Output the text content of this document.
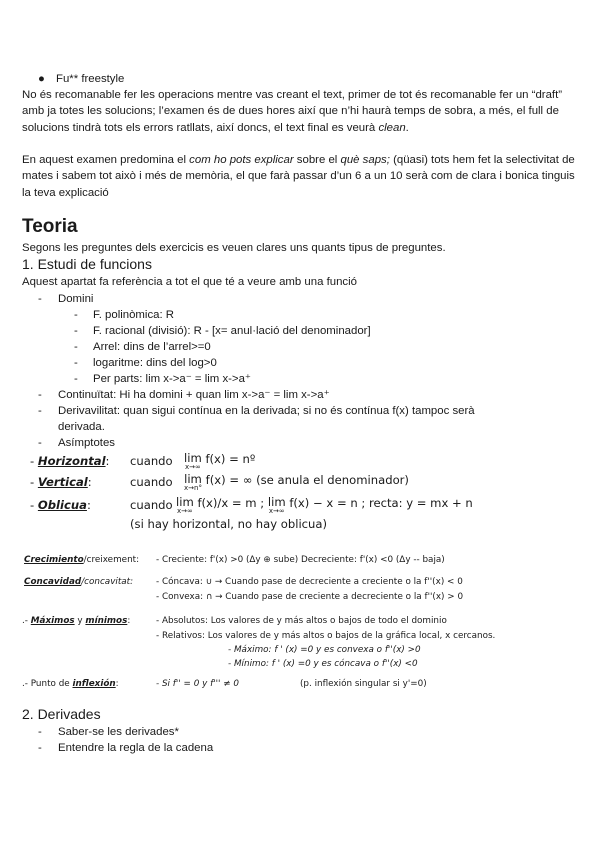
● Fu** freestyle
No és recomanable fer les operacions mentre vas creant el text, primer de tot és recomanable fer un “draft” amb ja totes les solucions; l’examen és de dues hores així que n’hi haurà temps de sobra, a més, el full de solucions tindrà tots els errors ratllats, així doncs, el text final es veurà clean.
En aquest examen predomina el com ho pots explicar sobre el què saps; (qüasi) tots hem fet la selectivitat de mates i sabem tot això i més de memòria, el que farà passar d’un 6 a un 10 serà com de clara i bonica tinguis la teva explicació
Teoria
Segons les preguntes dels exercicis es veuen clares uns quants tipus de preguntes.
1. Estudi de funcions
Aquest apartat fa referència a tot el que té a veure amb una funció
- Domini
- F. polinòmica: R
- F. racional (divisió): R - [x= anul·lació del denominador]
- Arrel: dins de l’arrel>=0
- logaritme: dins del log>0
- Per parts: lim x->a⁻ = lim x->a⁺
- Continuïtat: Hi ha domini + quan lim x->a⁻ = lim x->a⁺
- Derivavilitat: quan sigui contínua en la derivada; si no és contínua f(x) tampoc serà derivada.
- Asímptotes
- Horizontal: cuando lim
x→∞
f(x) = nº
- Vertical:	cuando lim
x→n°
f(x) = ∞ (se anula el denominador)
- Oblicua:	cuando lim
x→∞
f(x)/x = m ; lim
x→∞
f(x) − x = n ; recta: y = mx + n
(si hay horizontal, no hay oblicua)
Crecimiento/creixement: - Creciente: f'(x) >0 (Δy ⊕ sube) Decreciente: f'(x) <0 (Δy -- baja)
Concavidad/concavitat:	- Cóncava: ∪ → Cuando pase de decreciente a creciente o la f''(x) < 0
- Convexa: ∩ → Cuando pase de creciente a decreciente o la f''(x) > 0
.- Máximos y mínimos:	- Absolutos: Los valores de y más altos o bajos de todo el dominio
- Relativos: Los valores de y más altos o bajos de la gráfica local, x cercanos.
- Máximo: f ' (x) =0 y es convexa o f''(x) >0
- Mínimo: f ' (x) =0 y es cóncava o f''(x) <0
.- Punto de inflexión:	- Si f'' = 0 y f''' ≠ 0	(p. inflexión singular si y'=0)
2. Derivades
- Saber-se les derivades*
- Entendre la regla de la cadena
